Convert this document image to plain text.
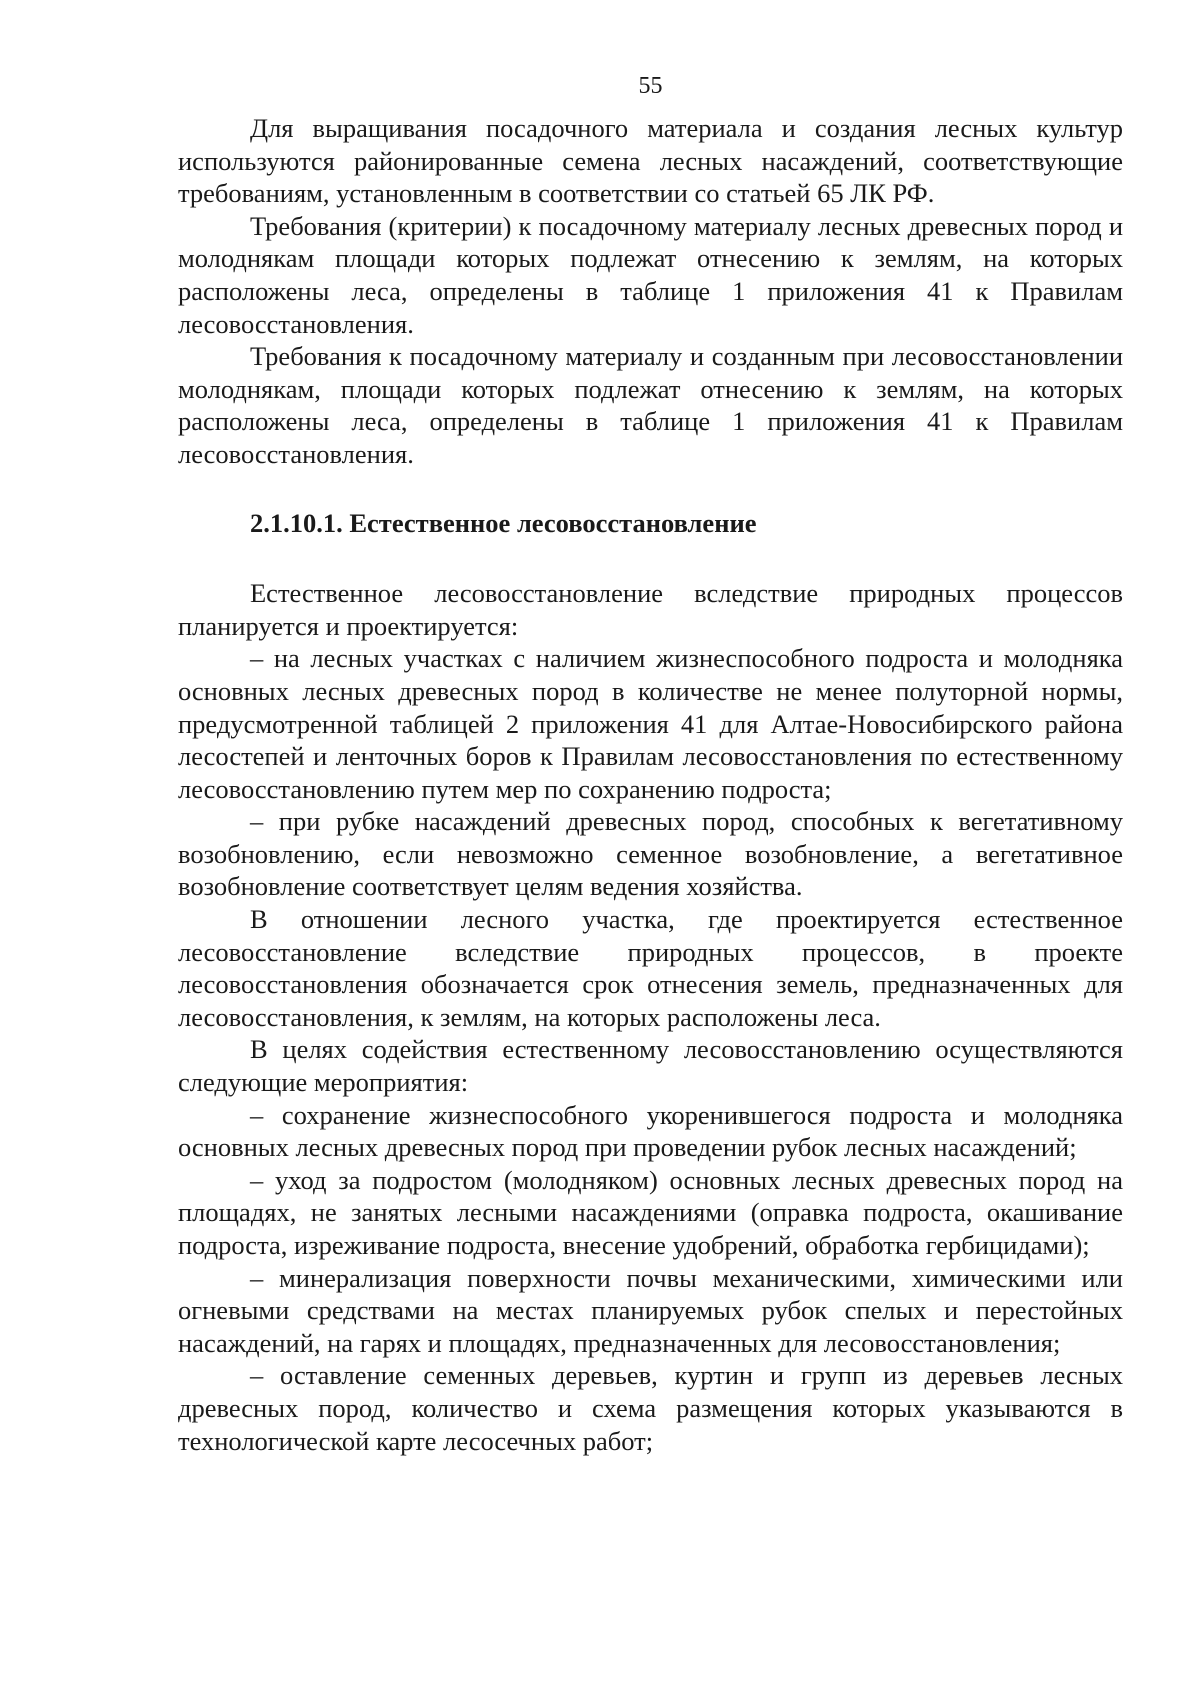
55

Для выращивания посадочного материала и создания лесных культур используются районированные семена лесных насаждений, соответствующие требованиям, установленным в соответствии со статьей 65 ЛК РФ.

Требования (критерии) к посадочному материалу лесных древесных пород и молоднякам площади которых подлежат отнесению к землям, на которых расположены леса, определены в таблице 1 приложения 41 к Правилам лесовосстановления.

Требования к посадочному материалу и созданным при лесовосстановлении молоднякам, площади которых подлежат отнесению к землям, на которых расположены леса, определены в таблице 1 приложения 41 к Правилам лесовосстановления.

2.1.10.1. Естественное лесовосстановление

Естественное лесовосстановление вследствие природных процессов планируется и проектируется:

– на лесных участках с наличием жизнеспособного подроста и молодняка основных лесных древесных пород в количестве не менее полуторной нормы, предусмотренной таблицей 2 приложения 41 для Алтае-Новосибирского района лесостепей и ленточных боров к Правилам лесовосстановления по естественному лесовосстановлению путем мер по сохранению подроста;

– при рубке насаждений древесных пород, способных к вегетативному возобновлению, если невозможно семенное возобновление, а вегетативное возобновление соответствует целям ведения хозяйства.

В отношении лесного участка, где проектируется естественное лесовосстановление вследствие природных процессов, в проекте лесовосстановления обозначается срок отнесения земель, предназначенных для лесовосстановления, к землям, на которых расположены леса.

В целях содействия естественному лесовосстановлению осуществляются следующие мероприятия:

– сохранение жизнеспособного укоренившегося подроста и молодняка основных лесных древесных пород при проведении рубок лесных насаждений;

– уход за подростом (молодняком) основных лесных древесных пород на площадях, не занятых лесными насаждениями (оправка подроста, окашивание подроста, изреживание подроста, внесение удобрений, обработка гербицидами);

– минерализация поверхности почвы механическими, химическими или огневыми средствами на местах планируемых рубок спелых и перестойных насаждений, на гарях и площадях, предназначенных для лесовосстановления;

– оставление семенных деревьев, куртин и групп из деревьев лесных древесных пород, количество и схема размещения которых указываются в технологической карте лесосечных работ;
